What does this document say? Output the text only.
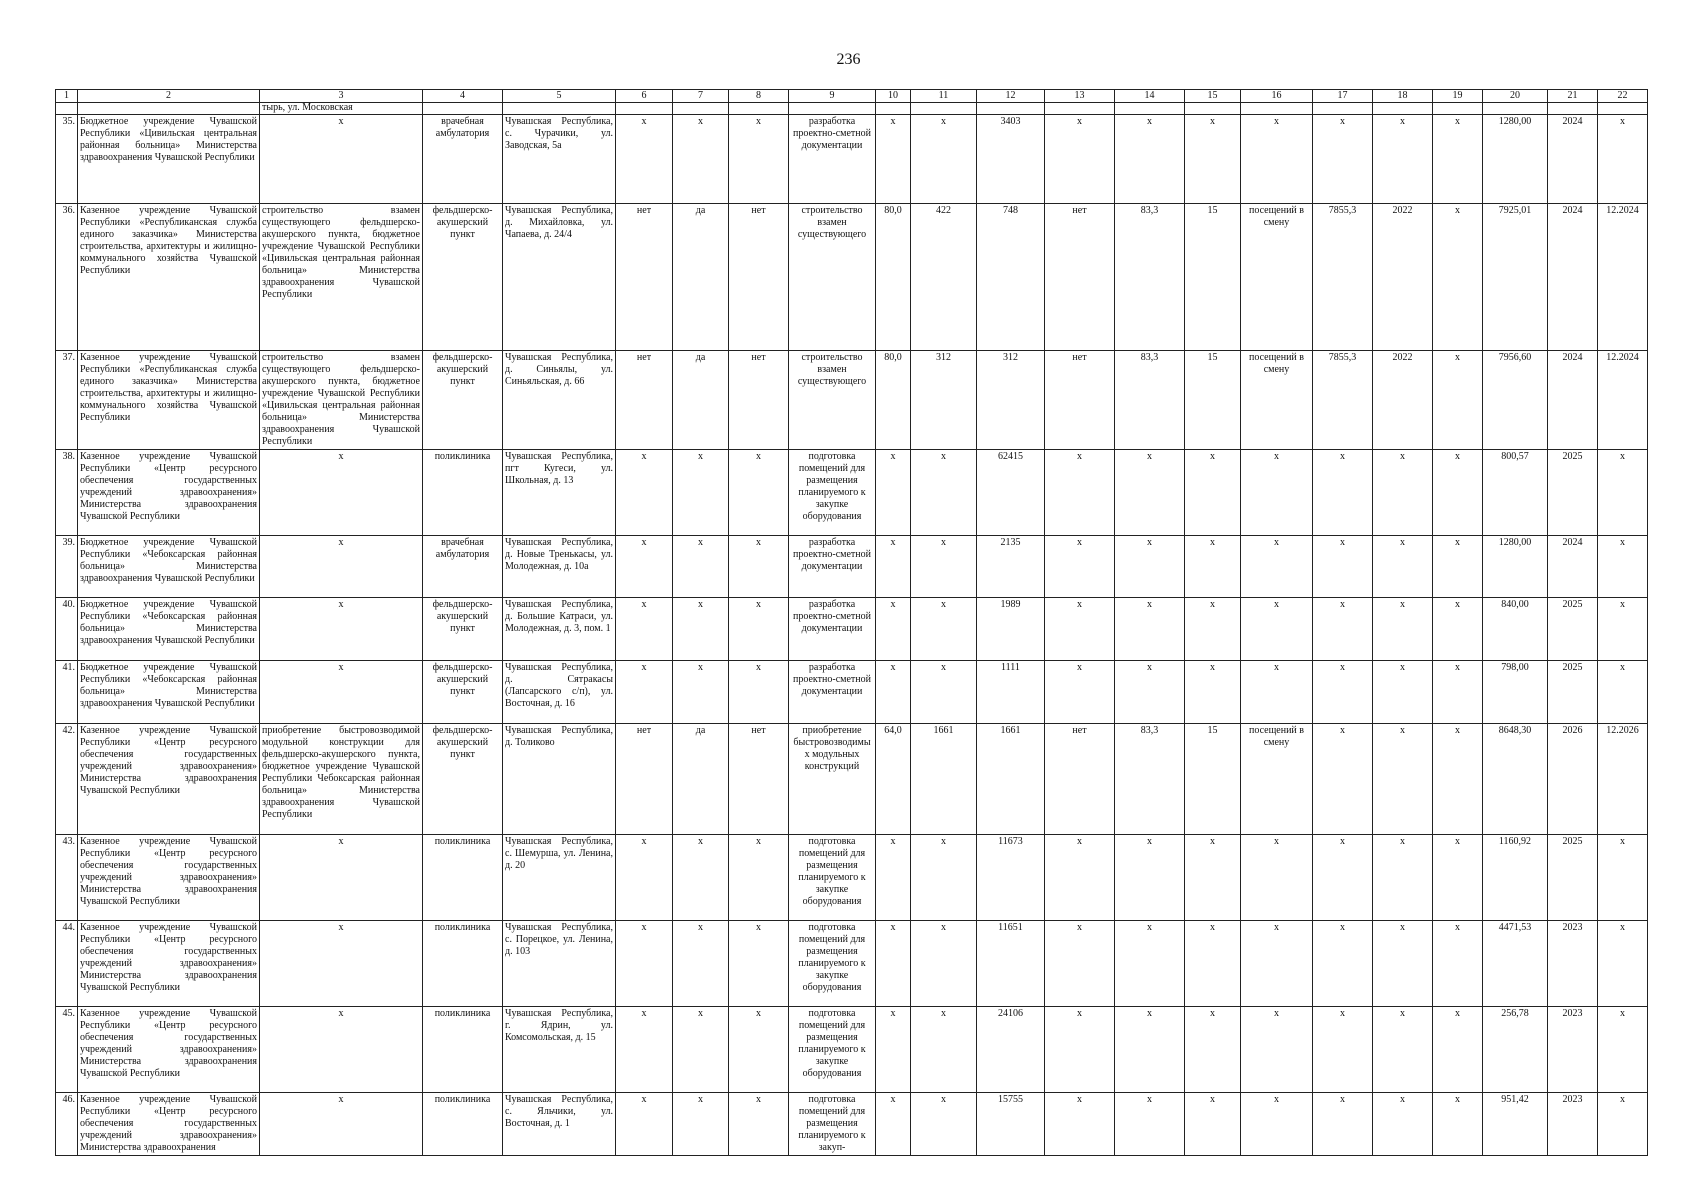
236
1	2	3	4	5	6	7	8	9	10	11	12	13	14	15	16	17	18	19	20	21	22
		тырь, ул. Московская																			
35.	Бюджетное учреждение Чувашской Республики «Цивильская центральная районная больница» Министерства здравоохранения Чувашской Республики	х	врачебная амбулатория	Чувашская Республика, с. Чурачики, ул. Заводская, 5а	х	х	х	разработка проектно-сметной документации	х	х	3403	х	х	х	х	х	х	х	1280,00	2024	х
36.	Казенное учреждение Чувашской Республики «Республиканская служба единого заказчика» Министерства строительства, архитектуры и жилищно-коммунального хозяйства Чувашской Республики	строительство взамен существующего фельдшерско-акушерского пункта, бюджетное учреждение Чувашской Республики «Цивильская центральная районная больница» Министерства здравоохранения Чувашской Республики	фельдшерско-акушерский пункт	Чувашская Республика, д. Михайловка, ул. Чапаева, д. 24/4	нет	да	нет	строительство взамен существующего	80,0	422	748	нет	83,3	15	посещений в смену	7855,3	2022	х	7925,01	2024	12.2024
37.	Казенное учреждение Чувашской Республики «Республиканская служба единого заказчика» Министерства строительства, архитектуры и жилищно-коммунального хозяйства Чувашской Республики	строительство взамен существующего фельдшерско-акушерского пункта, бюджетное учреждение Чувашской Республики «Цивильская центральная районная больница» Министерства здравоохранения Чувашской Республики	фельдшерско-акушерский пункт	Чувашская Республика, д. Синьялы, ул. Синьяльская, д. 66	нет	да	нет	строительство взамен существующего	80,0	312	312	нет	83,3	15	посещений в смену	7855,3	2022	х	7956,60	2024	12.2024
38.	Казенное учреждение Чувашской Республики «Центр ресурсного обеспечения государственных учреждений здравоохранения» Министерства здравоохранения Чувашской Республики	х	поликлиника	Чувашская Республика, пгт Кугеси, ул. Школьная, д. 13	х	х	х	подготовка помещений для размещения планируемого к закупке оборудования	х	х	62415	х	х	х	х	х	х	х	800,57	2025	х
39.	Бюджетное учреждение Чувашской Республики «Чебоксарская районная больница» Министерства здравоохранения Чувашской Республики	х	врачебная амбулатория	Чувашская Республика, д. Новые Тренькасы, ул. Молодежная, д. 10а	х	х	х	разработка проектно-сметной документации	х	х	2135	х	х	х	х	х	х	х	1280,00	2024	х
40.	Бюджетное учреждение Чувашской Республики «Чебоксарская районная больница» Министерства здравоохранения Чувашской Республики	х	фельдшерско-акушерский пункт	Чувашская Республика, д. Большие Катраси, ул. Молодежная, д. 3, пом. 1	х	х	х	разработка проектно-сметной документации	х	х	1989	х	х	х	х	х	х	х	840,00	2025	х
41.	Бюджетное учреждение Чувашской Республики «Чебоксарская районная больница» Министерства здравоохранения Чувашской Республики	х	фельдшерско-акушерский пункт	Чувашская Республика, д. Сятракасы (Лапсарского с/п), ул. Восточная, д. 16	х	х	х	разработка проектно-сметной документации	х	х	1111	х	х	х	х	х	х	х	798,00	2025	х
42.	Казенное учреждение Чувашской Республики «Центр ресурсного обеспечения государственных учреждений здравоохранения» Министерства здравоохранения Чувашской Республики	приобретение быстровозводимой модульной конструкции для фельдшерско-акушерского пункта, бюджетное учреждение Чувашской Республики Чебоксарская районная больница» Министерства здравоохранения Чувашской Республики	фельдшерско-акушерский пункт	Чувашская Республика, д. Толиково	нет	да	нет	приобретение быстровозводимых модульных конструкций	64,0	1661	1661	нет	83,3	15	посещений в смену	х	х	х	8648,30	2026	12.2026
43.	Казенное учреждение Чувашской Республики «Центр ресурсного обеспечения государственных учреждений здравоохранения» Министерства здравоохранения Чувашской Республики	х	поликлиника	Чувашская Республика, с. Шемурша, ул. Ленина, д. 20	х	х	х	подготовка помещений для размещения планируемого к закупке оборудования	х	х	11673	х	х	х	х	х	х	х	1160,92	2025	х
44.	Казенное учреждение Чувашской Республики «Центр ресурсного обеспечения государственных учреждений здравоохранения» Министерства здравоохранения Чувашской Республики	х	поликлиника	Чувашская Республика, с. Порецкое, ул. Ленина, д. 103	х	х	х	подготовка помещений для размещения планируемого к закупке оборудования	х	х	11651	х	х	х	х	х	х	х	4471,53	2023	х
45.	Казенное учреждение Чувашской Республики «Центр ресурсного обеспечения государственных учреждений здравоохранения» Министерства здравоохранения Чувашской Республики	х	поликлиника	Чувашская Республика, г. Ядрин, ул. Комсомольская, д. 15	х	х	х	подготовка помещений для размещения планируемого к закупке оборудования	х	х	24106	х	х	х	х	х	х	х	256,78	2023	х
46.	Казенное учреждение Чувашской Республики «Центр ресурсного обеспечения государственных учреждений здравоохранения» Министерства здравоохранения	х	поликлиника	Чувашская Республика, с. Яльчики, ул. Восточная, д. 1	х	х	х	подготовка помещений для размещения планируемого к закуп-	х	х	15755	х	х	х	х	х	х	х	951,42	2023	х
